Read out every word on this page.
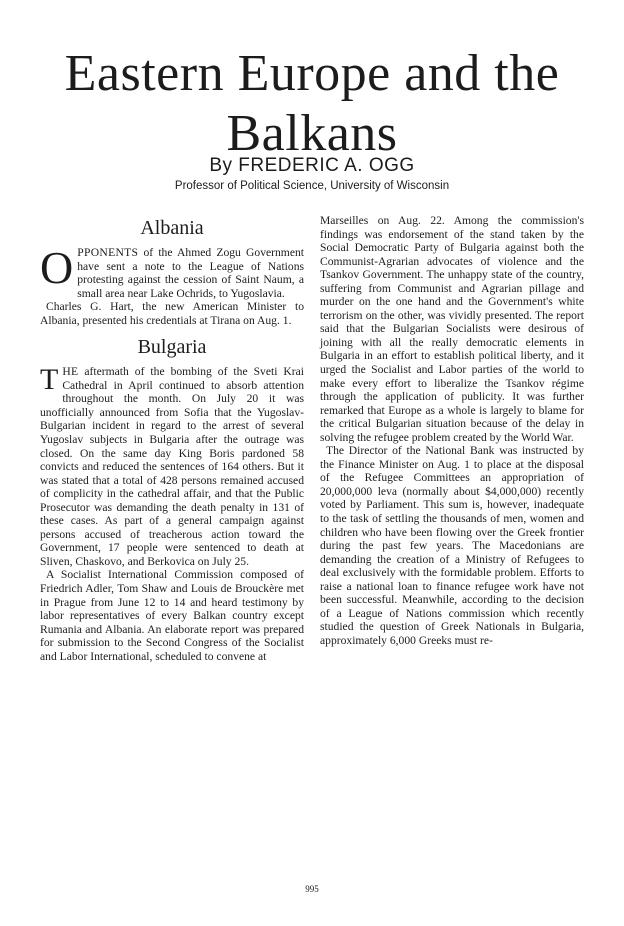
Eastern Europe and the
Balkans
By FREDERIC A. OGG
Professor of Political Science, University of Wisconsin
Albania

OPPONENTS of the Ahmed Zogu Government have sent a note to the League of Nations protesting against the cession of Saint Naum, a small area near Lake Ochrids, to Yugoslavia.

Charles G. Hart, the new American Minister to Albania, presented his credentials at Tirana on Aug. 1.

Bulgaria

THE aftermath of the bombing of the Sveti Krai Cathedral in April continued to absorb attention throughout the month. On July 20 it was unofficially announced from Sofia that the Yugoslav-Bulgarian incident in regard to the arrest of several Yugoslav subjects in Bulgaria after the outrage was closed. On the same day King Boris pardoned 58 convicts and reduced the sentences of 164 others. But it was stated that a total of 428 persons remained accused of complicity in the cathedral affair, and that the Public Prosecutor was demanding the death penalty in 131 of these cases. As part of a general campaign against persons accused of treacherous action toward the Government, 17 people were sentenced to death at Sliven, Chaskovo, and Berkovica on July 25.

A Socialist International Commission composed of Friedrich Adler, Tom Shaw and Louis de Brouckère met in Prague from June 12 to 14 and heard testimony by labor representatives of every Balkan country except Rumania and Albania. An elaborate report was prepared for submission to the Second Congress of the Socialist and Labor International, scheduled to convene at

Marseilles on Aug. 22. Among the commission's findings was endorsement of the stand taken by the Social Democratic Party of Bulgaria against both the Communist-Agrarian advocates of violence and the Tsankov Government. The unhappy state of the country, suffering from Communist and Agrarian pillage and murder on the one hand and the Government's white terrorism on the other, was vividly presented. The report said that the Bulgarian Socialists were desirous of joining with all the really democratic elements in Bulgaria in an effort to establish political liberty, and it urged the Socialist and Labor parties of the world to make every effort to liberalize the Tsankov régime through the application of publicity. It was further remarked that Europe as a whole is largely to blame for the critical Bulgarian situation because of the delay in solving the refugee problem created by the World War.

The Director of the National Bank was instructed by the Finance Minister on Aug. 1 to place at the disposal of the Refugee Committees an appropriation of 20,000,000 leva (normally about $4,000,000) recently voted by Parliament. This sum is, however, inadequate to the task of settling the thousands of men, women and children who have been flowing over the Greek frontier during the past few years. The Macedonians are demanding the creation of a Ministry of Refugees to deal exclusively with the formidable problem. Efforts to raise a national loan to finance refugee work have not been successful. Meanwhile, according to the decision of a League of Nations commission which recently studied the question of Greek Nationals in Bulgaria, approximately 6,000 Greeks must re-

995
